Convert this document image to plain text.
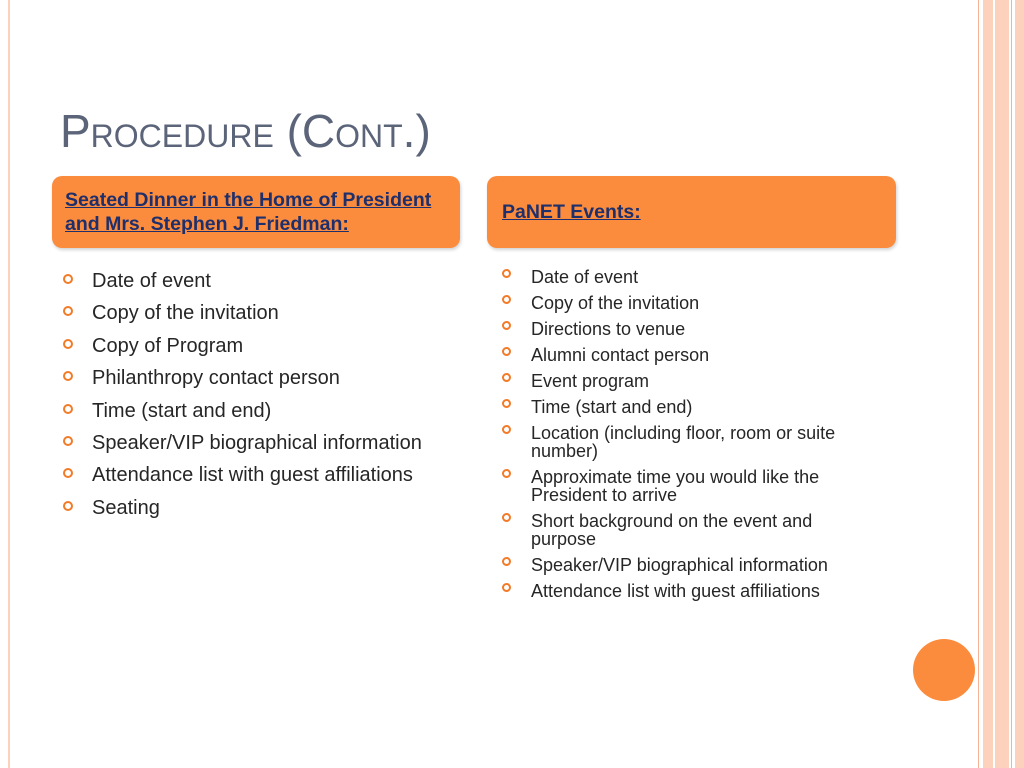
Procedure (Cont.)
Seated Dinner in the Home of President and Mrs. Stephen J. Friedman:
PaNET Events:
Date of event
Copy of the invitation
Copy of Program
Philanthropy contact person
Time (start and end)
Speaker/VIP biographical information
Attendance list with guest affiliations
Seating
Date of event
Copy of the invitation
Directions to venue
Alumni contact person
Event program
Time (start and end)
Location (including floor, room or suite number)
Approximate time you would like the President to arrive
Short background on the event and purpose
Speaker/VIP biographical information
Attendance list with guest affiliations
